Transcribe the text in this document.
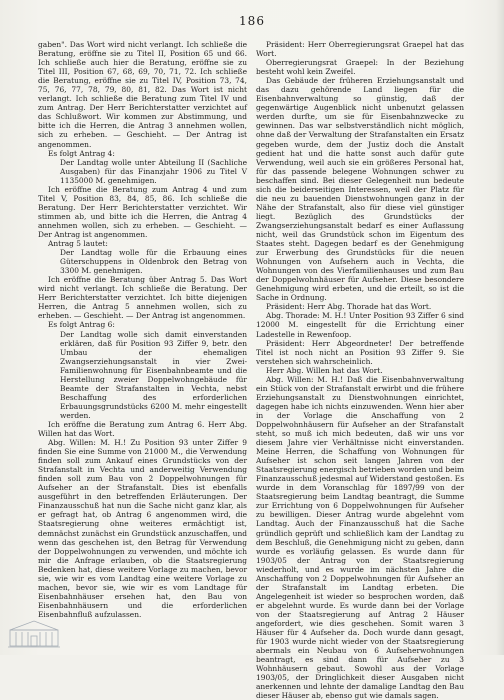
186

gaben". Das Wort wird nicht verlangt. Ich schließe die Beratung, eröffne sie zu Titel II, Position 65 und 66. Ich schließe auch hier die Beratung, eröffne sie zu Titel III, Position 67, 68, 69, 70, 71, 72. Ich schließe die Beratung, eröffne sie zu Titel IV, Position 73, 74, 75, 76, 77, 78, 79, 80, 81, 82. Das Wort ist nicht verlangt. Ich schließe die Beratung zum Titel IV und zum Antrag. Der Herr Berichterstatter verzichtet auf das Schlußwort. Wir kommen zur Abstimmung, und bitte ich die Herren, die Antrag 3 annehmen wollen, sich zu erheben. — Geschieht. — Der Antrag ist angenommen.

Es folgt Antrag 4:

Der Landtag wolle unter Abteilung II (Sachliche Ausgaben) für das Finanzjahr 1906 zu Titel V 1135000 M. genehmigen.

Ich eröffne die Beratung zum Antrag 4 und zum Titel V, Position 83, 84, 85, 86. Ich schließe die Beratung. Der Herr Berichterstatter verzichtet. Wir stimmen ab, und bitte ich die Herren, die Antrag 4 annehmen wollen, sich zu erheben. — Geschieht. — Der Antrag ist angenommen.

Antrag 5 lautet:

Der Landtag wolle für die Erbauung eines Güterschuppens in Oldenbrok den Betrag von 3300 M. genehmigen.

Ich eröffne die Beratung über Antrag 5. Das Wort wird nicht verlangt. Ich schließe die Beratung. Der Herr Berichterstatter verzichtet. Ich bitte diejenigen Herren, die Antrag 5 annehmen wollen, sich zu erheben. — Geschieht. — Der Antrag ist angenommen.

Es folgt Antrag 6:

Der Landtag wolle sich damit einverstanden erklären, daß für Position 93 Ziffer 9, betr. den Umbau der ehemaligen Zwangserziehungsanstalt in vier Zwei-Familienwohnung für Eisenbahnbeamte und die Herstellung zweier Doppelwohngebäude für Beamte der Strafanstalten in Vechta, nebst Beschaffung des erforderlichen Erbauungsgrundstücks 6200 M. mehr eingestellt werden.

Ich eröffne die Beratung zum Antrag 6. Herr Abg. Willen hat das Wort.

Abg. Willen: M. H.! Zu Position 93 unter Ziffer 9 finden Sie eine Summe von 21000 M., die Verwendung finden soll zum Ankauf eines Grundstücks von der Strafanstalt in Vechta und anderweitig Verwendung finden soll zum Bau von 2 Doppelwohnungen für Aufseher an der Strafanstalt. Dies ist ebenfalls ausgeführt in den betreffenden Erläuterungen. Der Finanzausschuß hat nun die Sache nicht ganz klar, als er gefragt hat, ob Antrag 6 angenommen wird, die Staatsregierung ohne weiteres ermächtigt ist, demnächst zunächst ein Grundstück anzuschaffen, und wenn das geschehen ist, den Betrag für Verwendung der Doppelwohnungen zu verwenden, und möchte ich mir die Anfrage erlauben, ob die Staatsregierung Bedenken hat, diese weitere Vorlage zu machen, bevor sie, wie wir es vom Landtag eine weitere Vorlage zu machen, bevor sie, wie wir es vom Landtage für Eisenbahnhäuser ersehen hat, den Bau von Eisenbahnhäusern und die erforderlichen Eisenbahnfluß aufzulassen.

Präsident: Herr Oberregierungsrat Graepel hat das Wort.

Oberregierungsrat Graepel: In der Beziehung besteht wohl kein Zweifel.

Das Gebäude der früheren Erziehungsanstalt und das dazu gehörende Land liegen für die Eisenbahnverwaltung so günstig, daß der gegenwärtige Augenblick nicht unbenutzt gelassen werden durfte, um sie für Eisenbahnzwecke zu gewinnen. Das war selbstverständlich nicht möglich, ohne daß der Verwaltung der Strafanstalten ein Ersatz gegeben wurde, dem der Justiz doch die Anstalt gedient hat und die hatte sonst auch dafür gute Verwendung, weil auch sie ein größeres Personal hat, für das passende belegene Wohnungen schwer zu beschaffen sind. Bei dieser Gelegenheit nun bedeute sich die beiderseitigen Interessen, weil der Platz für die neu zu bauenden Dienstwohnungen ganz in der Nähe der Strafanstalt, also für diese viel günstiger liegt. Bezüglich des Grundstücks der Zwangserziehungsanstalt bedarf es einer Auflassung nicht, weil das Grundstück schon im Eigentum des Staates steht. Dagegen bedarf es der Genehmigung zur Erwerbung des Grundstücks für die neuen Wohnungen von Aufsehern auch in Vechta, die Wohnungen von des Vierfamilienhauses und zum Bau der Doppelwohnhäuser für Aufseher. Diese besondere Genehmigung wird erbeten, und die erteilt, so ist die Sache in Ordnung.

Präsident: Herr Abg. Thorade hat das Wort.

Abg. Thorade: M. H.! Unter Position 93 Ziffer 6 sind 12000 M. eingestellt für die Errichtung einer Ladestelle in Rewenfoop.

Präsident: Herr Abgeordneter! Der betreffende Titel ist noch nicht an Position 93 Ziffer 9. Sie verstehen sich wahrscheinlich.

Herr Abg. Willen hat das Wort.

Abg. Willen: M. H.! Daß die Eisenbahnverwaltung ein Stück von der Strafanstalt erwirbt und die frühere Erziehungsanstalt zu Dienstwohnungen einrichtet, dagegen habe ich nichts einzuwenden. Wenn hier aber in der Vorlage die Anschaffung von 2 Doppelwohnhäusern für Aufseher an der Strafanstalt steht, so muß ich mich bedeuten, daß wir uns vor diesem Jahre vier Verhältnisse nicht einverstanden. Meine Herren, die Schaffung von Wohnungen für Aufseher ist schon seit langen Jahren von der Staatsregierung energisch betrieben worden und beim Finanzausschuß jedesmal auf Widerstand gestoßen. Es wurde in dem Voranschlag für 1897/99 von der Staatsregierung beim Landtag beantragt, die Summe zur Errichtung von 6 Doppelwohnungen für Aufseher zu bewilligen. Dieser Antrag wurde abgelehnt vom Landtag. Auch der Finanzausschuß hat die Sache gründlich geprüft und schließlich kam der Landtag zu dem Beschluß, die Genehmigung nicht zu geben, dann wurde es vorläufig gelassen. Es wurde dann für 1903/05 der Antrag von der Staatsregierung wiederholt, und es wurde im nächsten Jahre die Anschaffung von 2 Doppelwohnungen für Aufseher an der Strafanstalt im Landtag erbeten. Die Angelegenheit ist wieder so besprochen worden, daß er abgelehnt wurde. Es wurde dann bei der Vorlage von der Staatsregierung auf Antrag 2 Häuser angefordert, wie dies geschehen. Somit waren 3 Häuser für 4 Aufseher da. Doch wurde dann gesagt, für 1903 wurde nicht wieder von der Staatsregierung abermals ein Neubau von 6 Aufseherwohnungen beantragt, es sind dann für Aufseher zu 3 Wohnhäusern gebaut. Sowohl aus der Vorlage 1903/05, der Dringlichkeit dieser Ausgaben nicht anerkennen und lehnte der damalige Landtag den Bau dieser Häuser ab, ebenso gut wie damals sagen.
